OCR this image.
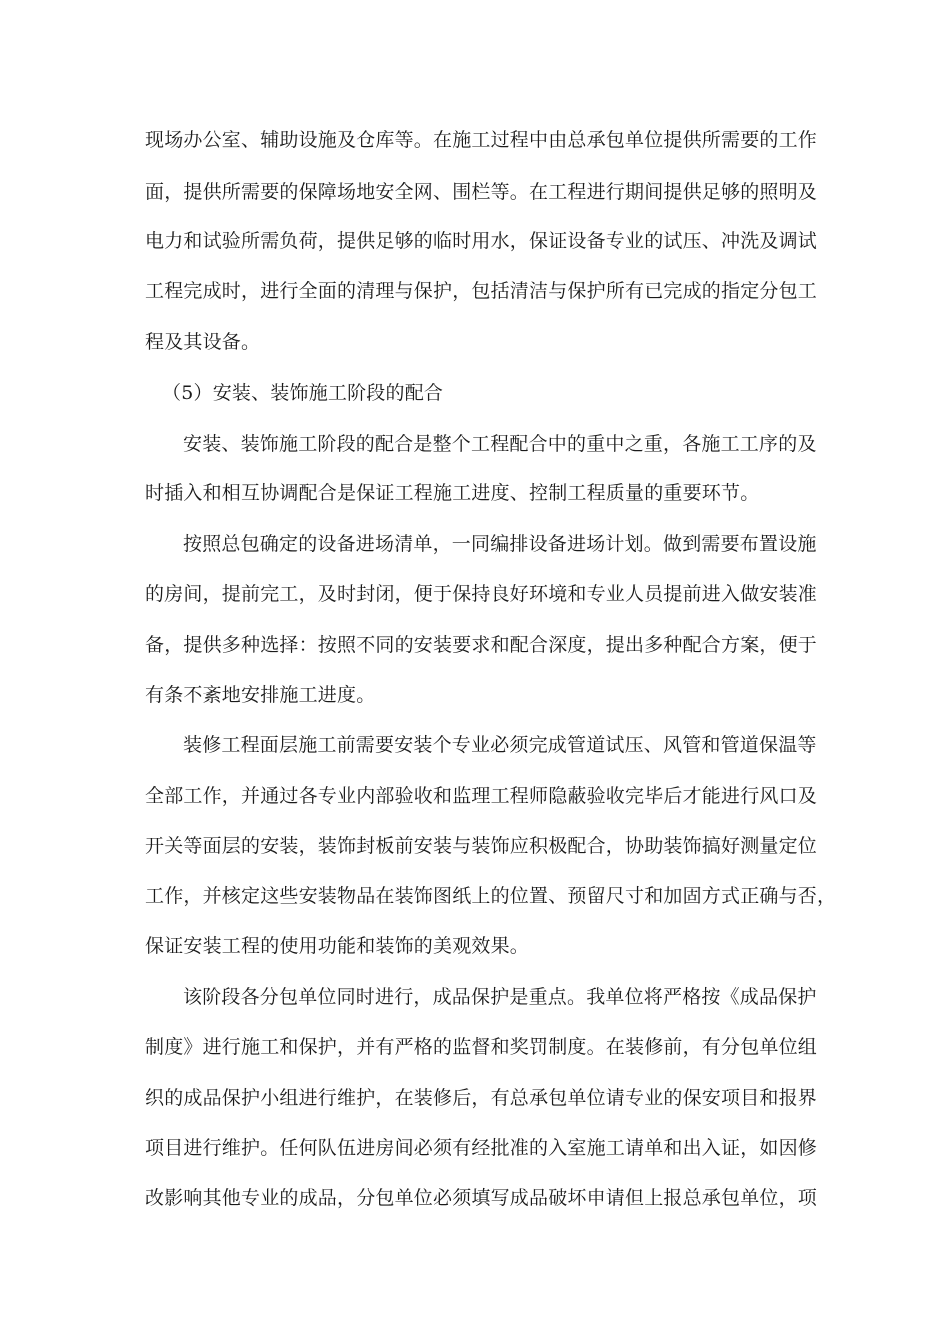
现场办公室、辅助设施及仓库等。在施工过程中由总承包单位提供所需要的工作
面，提供所需要的保障场地安全网、围栏等。在工程进行期间提供足够的照明及
电力和试验所需负荷，提供足够的临时用水，保证设备专业的试压、冲洗及调试
工程完成时，进行全面的清理与保护，包括清洁与保护所有已完成的指定分包工
程及其设备。
（5）安装、装饰施工阶段的配合
安装、装饰施工阶段的配合是整个工程配合中的重中之重，各施工工序的及
时插入和相互协调配合是保证工程施工进度、控制工程质量的重要环节。
按照总包确定的设备进场清单，一同编排设备进场计划。做到需要布置设施
的房间，提前完工，及时封闭，便于保持良好环境和专业人员提前进入做安装准
备，提供多种选择：按照不同的安装要求和配合深度，提出多种配合方案，便于
有条不紊地安排施工进度。
装修工程面层施工前需要安装个专业必须完成管道试压、风管和管道保温等
全部工作，并通过各专业内部验收和监理工程师隐蔽验收完毕后才能进行风口及
开关等面层的安装，装饰封板前安装与装饰应积极配合，协助装饰搞好测量定位
工作，并核定这些安装物品在装饰图纸上的位置、预留尺寸和加固方式正确与否，
保证安装工程的使用功能和装饰的美观效果。
该阶段各分包单位同时进行，成品保护是重点。我单位将严格按《成品保护
制度》进行施工和保护，并有严格的监督和奖罚制度。在装修前，有分包单位组
织的成品保护小组进行维护，在装修后，有总承包单位请专业的保安项目和报界
项目进行维护。任何队伍进房间必须有经批准的入室施工请单和出入证，如因修
改影响其他专业的成品，分包单位必须填写成品破坏申请但上报总承包单位，项
